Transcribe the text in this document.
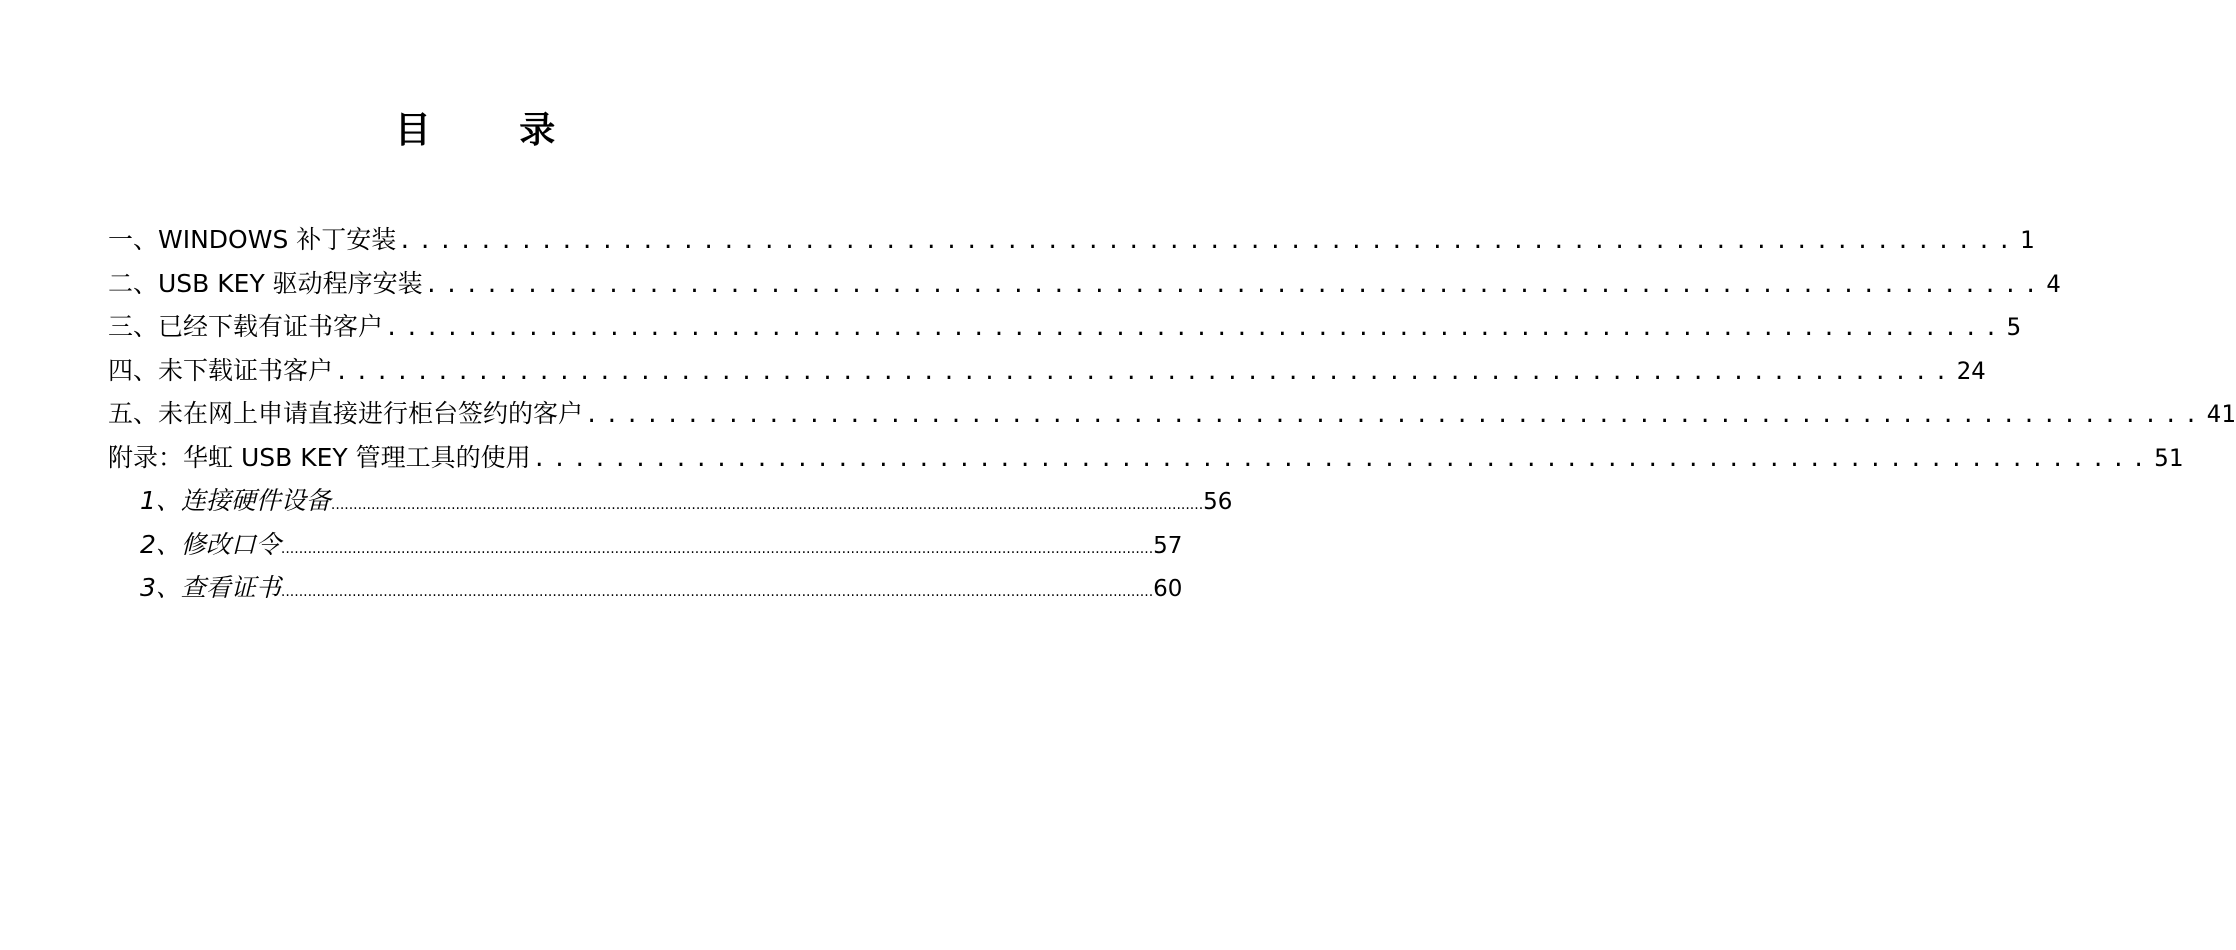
目 录
一、WINDOWS 补丁安装 ................................................................................ 1
二、USB KEY 驱动程序安装 ................................................................................ 4
三、已经下载有证书客户 ................................................................................ 5
四、未下载证书客户 ................................................................................ 24
五、未在网上申请直接进行柜台签约的客户 ................................................................................ 41
附录：华虹 USB KEY 管理工具的使用 ................................................................................ 51
1、连接硬件设备 .................................................................................................................................................................................................... 56
2、修改口令 .................................................................................................................................................................................................... 57
3、查看证书 .................................................................................................................................................................................................... 60
